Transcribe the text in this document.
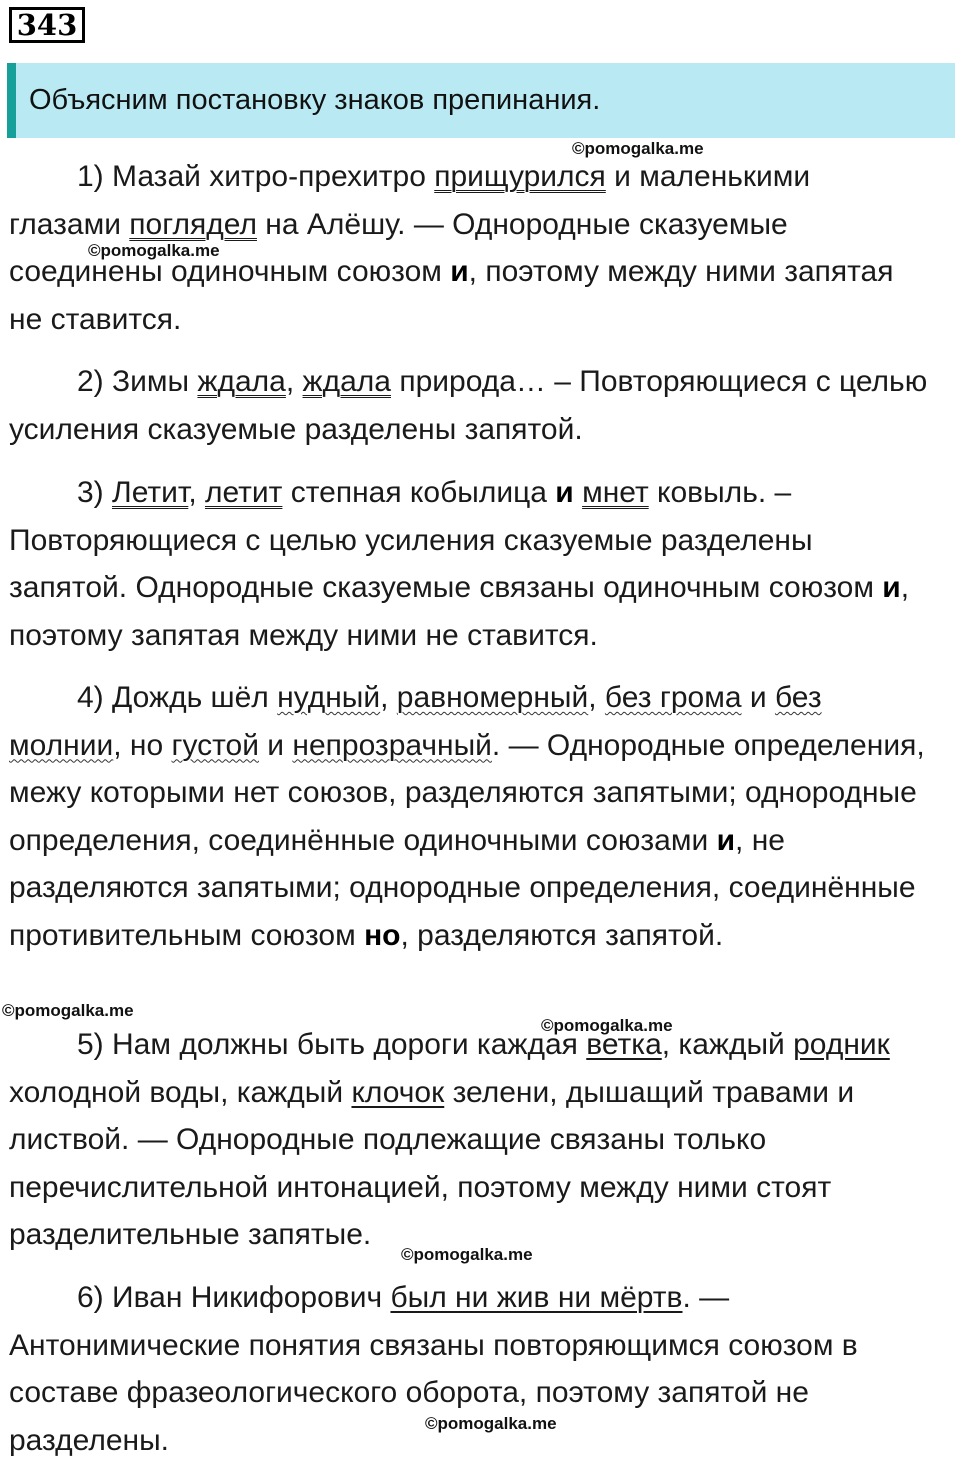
343
Объясним постановку знаков препинания.

1) Мазай хитро-прехитро прищурился и маленькими глазами поглядел на Алёшу. — Однородные сказуемые соединены одиночным союзом и, поэтому между ними запятая не ставится.

2) Зимы ждала, ждала природа… – Повторяющиеся с целью усиления сказуемые разделены запятой.

3) Летит, летит степная кобылица и мнет ковыль. – Повторяющиеся с целью усиления сказуемые разделены запятой. Однородные сказуемые связаны одиночным союзом и, поэтому запятая между ними не ставится.

4) Дождь шёл нудный, равномерный, без грома и без молнии, но густой и непрозрачный. — Однородные определения, межу которыми нет союзов, разделяются запятыми; однородные определения, соединённые одиночными союзами и, не разделяются запятыми; однородные определения, соединённые противительным союзом но, разделяются запятой.

5) Нам должны быть дороги каждая ветка, каждый родник холодной воды, каждый клочок зелени, дышащий травами и листвой. — Однородные подлежащие связаны только перечислительной интонацией, поэтому между ними стоят разделительные запятые.

6) Иван Никифорович был ни жив ни мёртв. — Антонимические понятия связаны повторяющимся союзом в составе фразеологического оборота, поэтому запятой не разделены.

©pomogalka.me
©pomogalka.me
©pomogalka.me
©pomogalka.me
©pomogalka.me
©pomogalka.me
